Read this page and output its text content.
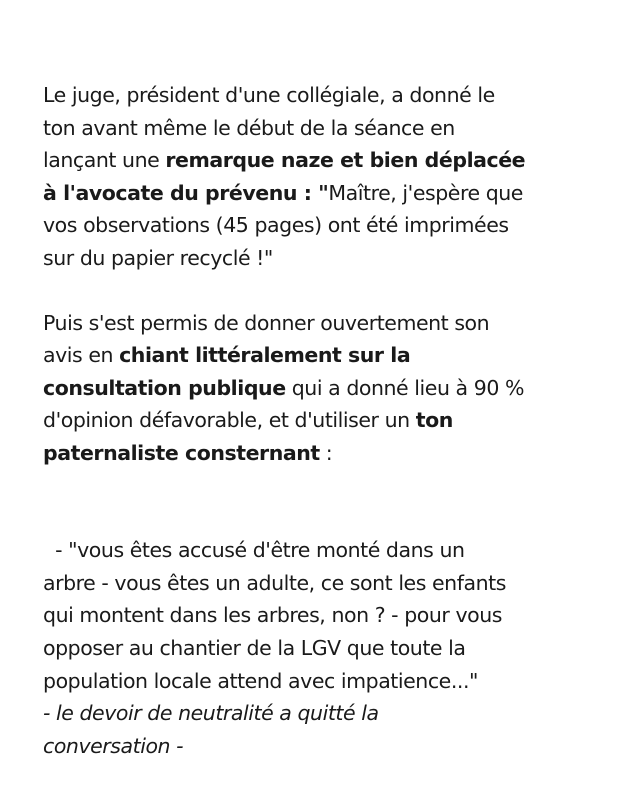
Le juge, président d'une collégiale, a donné le
ton avant même le début de la séance en
lançant une remarque naze et bien déplacée
à l'avocate du prévenu : "Maître, j'espère que
vos observations (45 pages) ont été imprimées
sur du papier recyclé !"

Puis s'est permis de donner ouvertement son
avis en chiant littéralement sur la
consultation publique qui a donné lieu à 90 %
d'opinion défavorable, et d'utiliser un ton
paternaliste consternant :

- "vous êtes accusé d'être monté dans un
arbre - vous êtes un adulte, ce sont les enfants
qui montent dans les arbres, non ? - pour vous
opposer au chantier de la LGV que toute la
population locale attend avec impatience..."
- le devoir de neutralité a quitté la
conversation -
